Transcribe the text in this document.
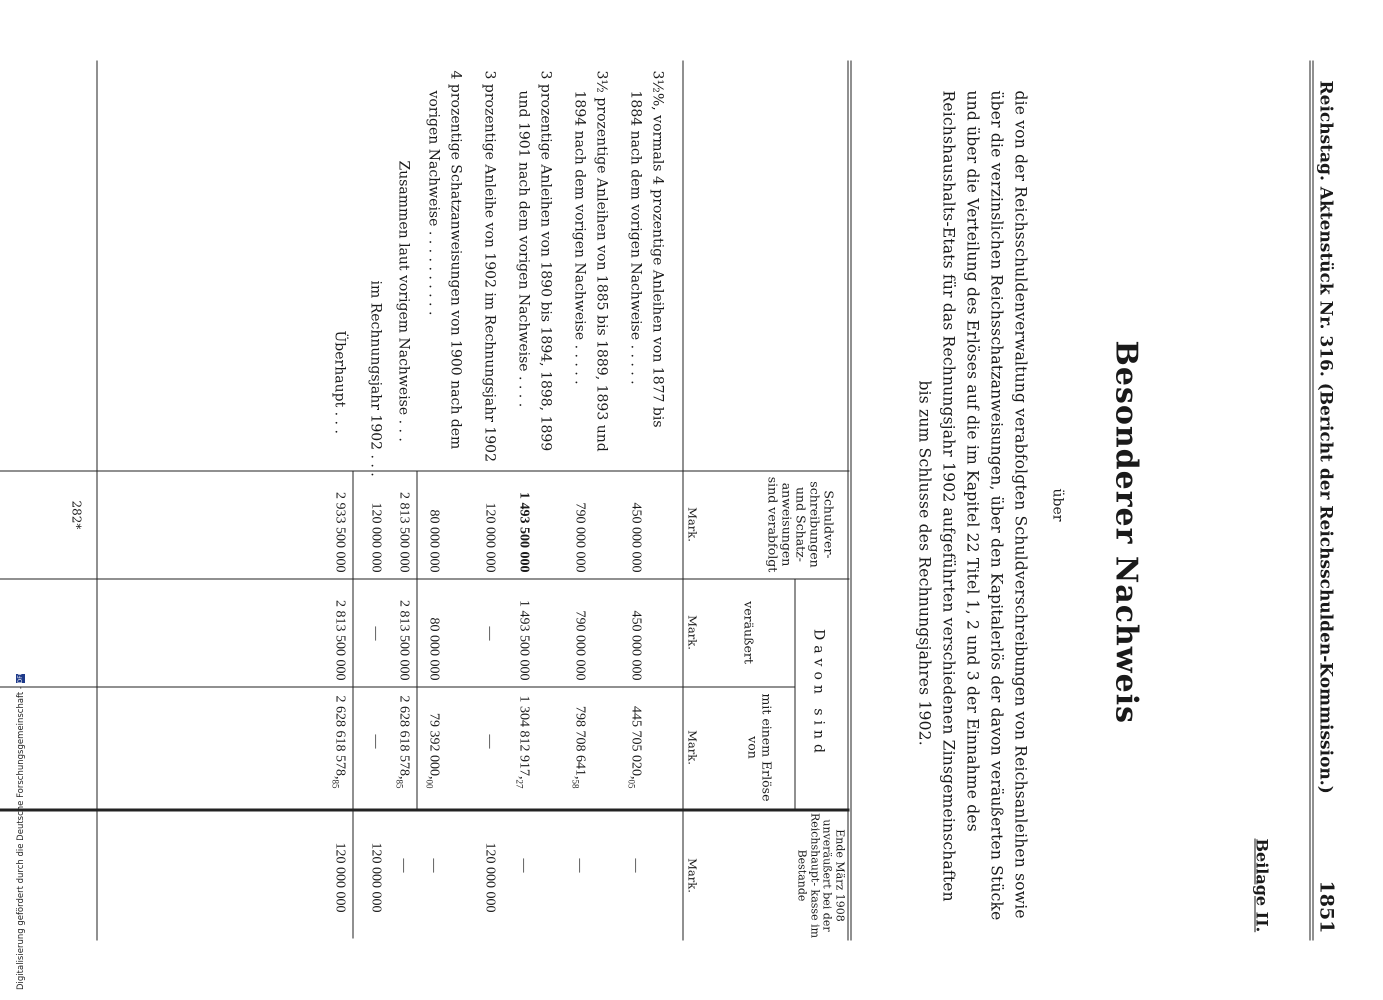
Reichstag. Aktenstück Nr. 316. (Bericht der Reichsschulden-Kommission.)
1851
Beilage II.
Besonderer Nachweis
über
die von der Reichsschuldenverwaltung verabfolgten Schuldverschreibungen von Reichsanleihen sowie
über die verzinslichen Reichsschatzanweisungen, über den Kapitalerlös der davon veräußerten Stücke
und über die Verteilung des Erlöses auf die im Kapitel 22 Titel 1, 2 und 3 der Einnahme des
Reichshaushalts-Etats für das Rechnungsjahr 1902 aufgeführten verschiedenen Zinsgemeinschaften
bis zum Schlusse des Rechnungsjahres 1902.
Schuldver- schreibungen und Schatz- anweisungen sind verabfolgt
Davon sind
veräußert
mit einem Erlöse von
Ende März 1908 unveräußert bei der Reichshaupt- kasse im Bestande
Mark.
Mark.
Mark.
Mark.
3½%, vormals 4 prozentige Anleihen von 1877 bis
1884 nach dem vorigen Nachweise . . . . .
450 000 000
450 000 000
445 705 $020,_{05}$
—
3½ prozentige Anleihen von 1885 bis 1889, 1893 und
1894 nach dem vorigen Nachweise . . . . .
790 000 000
790 000 000
798 708 $641,_{58}$
—
3 prozentige Anleihen von 1890 bis 1894, 1898, 1899
und 1901 nach dem vorigen Nachweise . . . .
1 493 500 000
1 493 500 000
1 304 812 $917,_{27}$
—
3 prozentige Anleihe von 1902 im Rechnungsjahr 1902
120 000 000
—
—
120 000 000
4 prozentige Schatzanweisungen von 1900 nach dem
vorigen Nachweise . . . . . . . . . .
80 000 000
80 000 000
79 392 $000,_{00}$
—
Zusammen laut vorigem Nachweise . . .
2 813 500 000
2 813 500 000
2 628 618 $578,_{85}$
—
im Rechnungsjahr 1902 . . .
120 000 000
—
—
120 000 000
Überhaupt . . .
2 933 500 000
2 813 500 000
2 628 618 $578,_{85}$
120 000 000
282*
Digitalisierung gefördert durch die Deutsche Forschungsgemeinschaft - DFG
